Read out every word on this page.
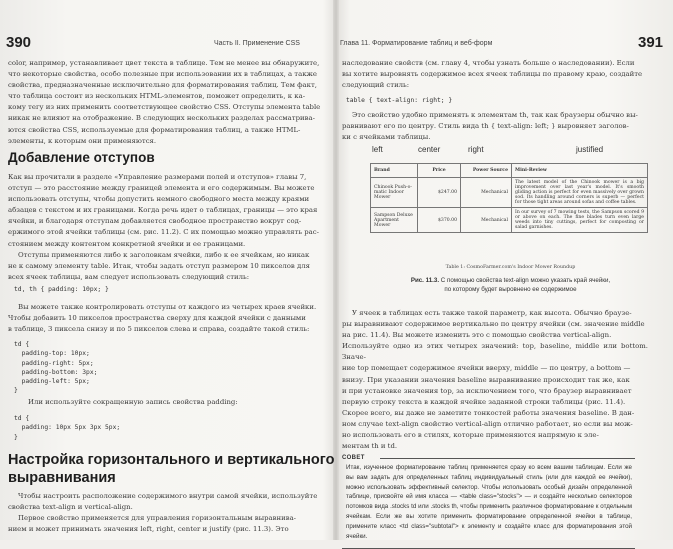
390	Часть II. Применение CSS

color, например, устанавливает цвет текста в таблице. Тем не менее вы обнаружите,

что некоторые свойства, особо полезные при использовании их в таблицах, а также

свойства, предназначенные исключительно для форматирования таблиц. Тем факт,

что таблица состоит из нескольких HTML-элементов, поможет определить, к ка-

кому тегу из них применить соответствующее свойство CSS. Отступы элемента table

никак не влияют на отображение. В следующих нескольких разделах рассматрива-

ются свойства CSS, используемые для форматирования таблиц, а также HTML-

элементы, к которым они применяются.

Добавление отступов

Как вы прочитали в разделе «Управление размерами полей и отступов» главы 7,

отступ — это расстояние между границей элемента и его содержимым. Вы можете

использовать отступы, чтобы допустить немного свободного места между краями

абзацев с текстом и их границами. Когда речь идет о таблицах, границы — это края

ячейки, и благодаря отступам добавляется свободное пространство вокруг сод-

ержимого этой ячейки таблицы (см. рис. 11.2). С их помощью можно управлять рас-

стоянием между контентом конкретной ячейки и ее границами.

Отступы применяются либо к заголовкам ячейки, либо к ее ячейкам, но никак

не к самому элементу table. Итак, чтобы задать отступ размером 10 пикселов для

всех ячеек таблицы, вам следует использовать следующий стиль:

td, th { padding: 10px; }

Вы можете также контролировать отступы от каждого из четырех краев ячейки.

Чтобы добавить 10 пикселов пространства сверху для каждой ячейки с данными

в таблице, 3 пиксела снизу и по 5 пикселов слева и справа, создайте такой стиль:

td {
padding-top: 10px;
padding-right: 5px;
padding-bottom: 3px;
padding-left: 5px;
}

Или используйте сокращенную запись свойства padding:

td {
padding: 10px 5px 3px 5px;
}
Настройка горизонтального и вертикального
выравнивания

Чтобы настроить расположение содержимого внутри самой ячейки, используйте

свойства text-align и vertical-align.

Первое свойство применяется для управления горизонтальным выравнива-

нием и может принимать значения left, right, center и justify (рис. 11.3). Это

Глава 11. Форматирование таблиц и веб-форм	391

наследование свойств (см. главу 4, чтобы узнать больше о наследовании). Если

вы хотите выровнять содержимое всех ячеек таблицы по правому краю, создайте

следующий стиль:

table { text-align: right; }

Это свойство удобно применять к элементам th, так как браузеры обычно вы-

равнивают его по центру. Стиль вида th { text-align: left; } выровняет заголов-

ки с ячейками таблицы.

left	center	right	justified
Brand	Price	Power Source	Mini-Review
Chinook Push-o-matic Indoor Mower	$247.00	Mechanical	The latest model of the Chinook mower is a big improvement over last year's model. It's smooth gliding action is perfect for even massively over grown sod. Its handling around corners is superb — perfect for those tight areas around sofas and coffee tables.
Sampson Deluxe Apartment Mower	$370.00	Mechanical	In our survey of 7 mowing tests, the Sampson scored 9 or above on each. The fine blades turn even large weeds into tiny cuttings, perfect for composting or salad garnishes.
Table 1: CosmoFarmer.com's Indoor Mower Roundup
Рис. 11.3. С помощью свойства text-align можно указать край ячейки,
по которому будет выровнено ее содержимое

У ячеек в таблицах есть также такой параметр, как высота. Обычно браузе-

ры выравнивают содержимое вертикально по центру ячейки (см. значение middle

на рис. 11.4). Вы можете изменить это с помощью свойства vertical-align.

Используйте одно из этих четырех значений: top, baseline, middle или bottom. Значе-

ние top помещает содержимое ячейки вверху, middle — по центру, а bottom —

внизу. При указании значения baseline выравнивание происходит так же, как

и при установке значения top, за исключением того, что браузер выравнивает

первую строку текста в каждой ячейке заданной строки таблицы (рис. 11.4).

Скорее всего, вы даже не заметите тонкостей работы значения baseline. В дан-

ном случае text-align свойство vertical-align отлично работает, но если вы мож-

но использовать его в стилях, которые применяются напрямую к эле-

ментам th и td.

СОВЕТ
Итак, изученное форматирование таблиц применяется сразу ко всем вашим таблицам. Если же вы вам задать для определенных таблиц индивидуальный стиль (или для каждой ее ячейки), можно использовать эффективный селектор. Чтобы использовать особый дизайн определенной таблице, присвойте ей имя класса — <table class="stocks"> — и создайте несколько селекторов потомков вида .stocks td или .stocks th, чтобы применить различное форматирование к отдельным ячейкам. Если же вы хотите применить форматирование определенной ячейки в таблице, примените класс <td class="subtotal"> к элементу и создайте класс для форматирования этой ячейки.
